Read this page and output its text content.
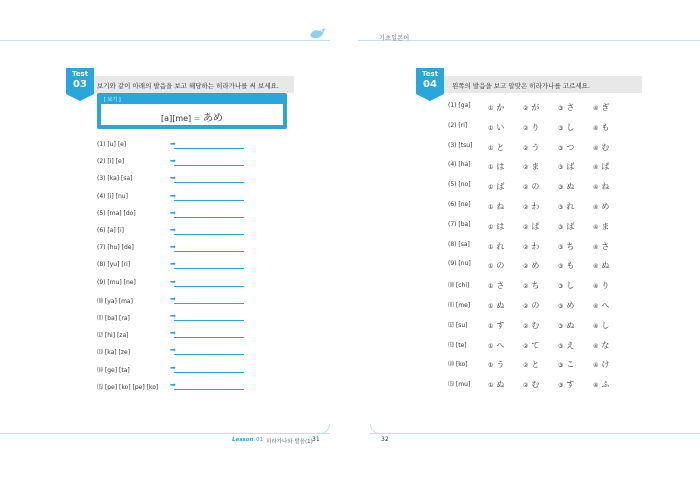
Test
03	보기와 같이 아래의 발음을 보고 해당하는 히라가나를 써 보세요.
[ 보기 ]
[a][me] = あめ
(1) [u] [e]	➡
(2) [i] [e]	➡
(3) [ka] [sa]	➡
(4) [i] [nu]	➡
(5) [ma] [do]	➡
(6) [a] [i]	➡
(7) [hu] [de]	➡
(8) [yu] [ri]	➡
(9) [mu] [ne]	➡
⑽ [ya] [ma]	➡
⑾ [ba] [ra]	➡
⑿ [hi] [za]	➡
⒀ [ka] [ze]	➡
⒁ [ge] [ta]	➡
⒂ [pe] [ko] [pe] [ko] ➡
기초일본어
Test
04	왼쪽의 발음을 보고 알맞은 히라가나를 고르세요.
(1) [ga]	① か	② が	③ さ	④ ぎ
(2) [ri]	① い	② り	③ し	④ も
(3) [tsu]	① と	② う	③ つ	④ む
(4) [ha]	① は	② ま	③ ば	④ ぱ
(5) [no]	① ば	② の	③ ぬ	④ ね
(6) [ne]	① ね	② わ	③ れ	④ め
(7) [ba]	① は	② ぱ	③ ば	④ ま
(8) [sa]	① れ	② わ	③ ち	④ さ
(9) [nu]	① の	② め	③ も	④ ぬ
⑽ [chi]	① さ	② ち	③ し	④ り
⑾ [me]	① ぬ	② の	③ め	④ へ
⑿ [su]	① す	② む	③ ぬ	④ し
⒀ [te]	① へ	② て	③ え	④ な
⒁ [ko]	① う	② と	③ こ	④ け
⒂ [mu]	① ぬ	② む	③ す	④ ふ
Lesson 01 히라가나와 발음(1) 31	32
